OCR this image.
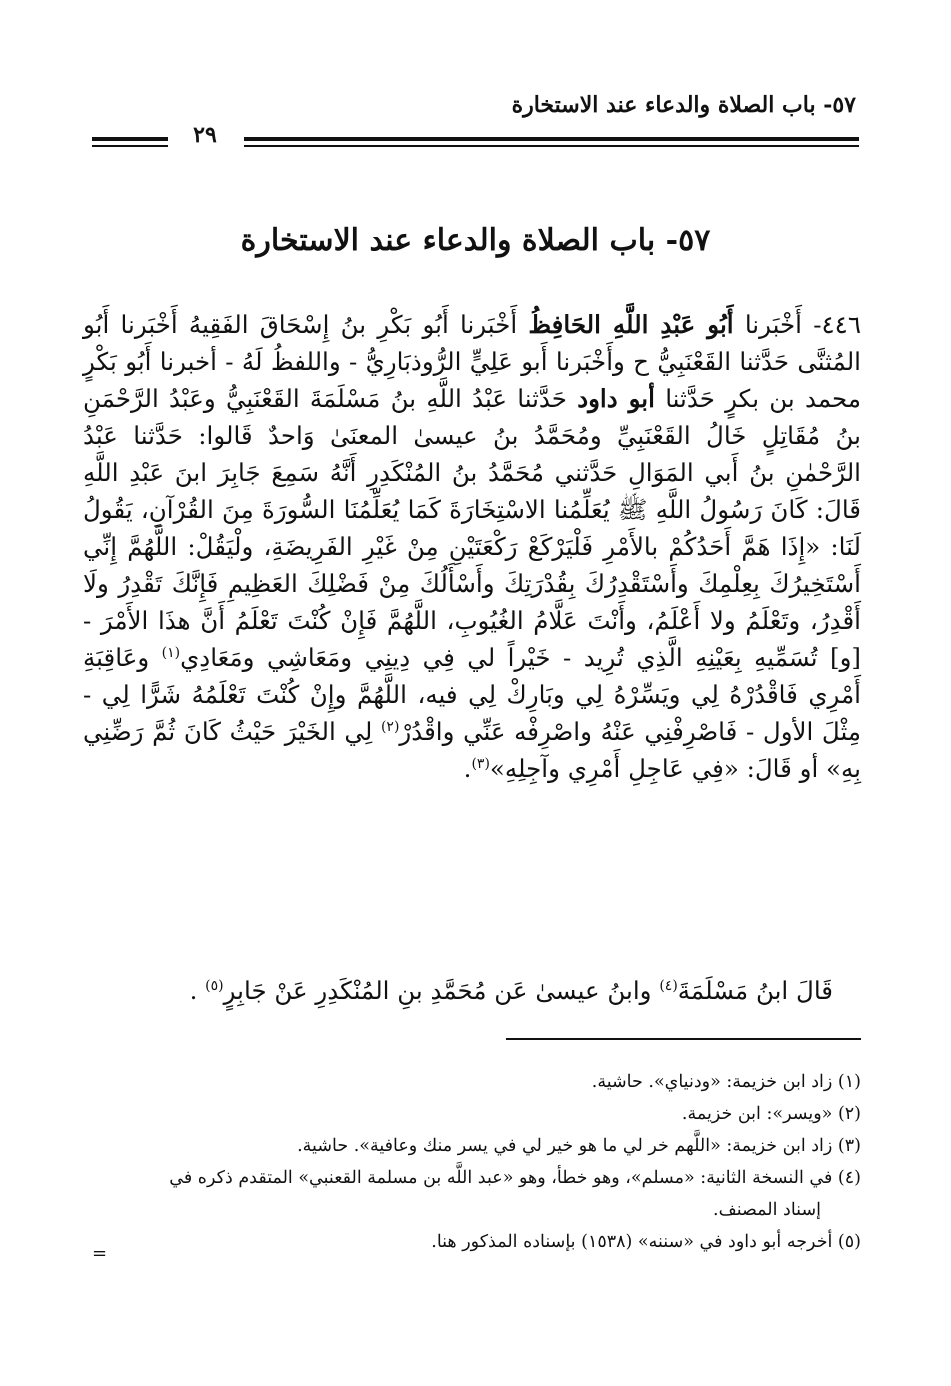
٥٧- باب الصلاة والدعاء عند الاستخارة
٢٩
٥٧- باب الصلاة والدعاء عند الاستخارة

٤٤٦- أَخْبَرنا أَبُو عَبْدِ اللَّهِ الحَافِظُ أَخْبَرنا أَبُو بَكْرِ بنُ إِسْحَاقَ الفَقِيهُ أَخْبَرنا أَبُو المُثنَّى حَدَّثنا القَعْنَبِيُّ ح وأَخْبَرنا أَبو عَلِيٍّ الرُّوذبَارِيُّ - واللفظُ لَهُ - أخبرنا أَبُو بَكْرٍ محمد بن بكرٍ حَدَّثنا أبو داود حَدَّثنا عَبْدُ اللَّهِ بنُ مَسْلَمَةَ القَعْنَبِيُّ وعَبْدُ الرَّحْمَنِ بنُ مُقَاتِلٍ خَالُ القَعْنَبِيِّ ومُحَمَّدُ بنُ عيسىٰ المعنَىٰ وَاحدٌ قَالوا: حَدَّثنا عَبْدُ الرَّحْمٰنِ بنُ أَبي المَوَالِ حَدَّثني مُحَمَّدُ بنُ المُنْكَدِرِ أَنَّهُ سَمِعَ جَابِرَ ابنَ عَبْدِ اللَّهِ قَالَ: كَانَ رَسُولُ اللَّهِ ﷺ يُعَلِّمُنا الاسْتِخَارَةَ كَمَا يُعَلِّمُنَا السُّورَةَ مِنَ القُرْآنِ، يَقُولُ لَنَا: «إِذَا هَمَّ أَحَدُكُمْ بالأَمْرِ فَلْيَرْكَعْ رَكْعَتَيْنِ مِنْ غَيْرِ الفَرِيضَةِ، ولْيَقُلْ: اللَّهُمَّ إِنِّي أَسْتَخِيرُكَ بِعِلْمِكَ وأَسْتَقْدِرُكَ بِقُدْرَتِكَ وأَسْأَلُكَ مِنْ فَضْلِكَ العَظِيمِ فَإِنَّكَ تَقْدِرُ ولَا أَقْدِرُ، وتَعْلَمُ ولا أَعْلَمُ، وأَنْتَ عَلَّامُ الغُيُوبِ، اللَّهُمَّ فَإِنْ كُنْتَ تَعْلَمُ أَنَّ هذَا الأَمْرَ - [و] تُسَمِّيهِ بِعَيْنِهِ الَّذِي تُرِيد - خَيْراً لي فِي دِينِي ومَعَاشِي ومَعَادِي$^{(١)}$ وعَاقِبَةِ أَمْرِي فَاقْدُرْهُ لِي ويَسِّرْهُ لِي وبَارِكْ لِي فيه، اللَّهُمَّ وإِنْ كُنْتَ تَعْلَمُهُ شَرًّا لِي - مِثْلَ الأول - فَاصْرِفْنِي عَنْهُ واصْرِفْه عَنِّي واقْدُرْ$^{(٢)}$ لِي الخَيْرَ حَيْثُ كَانَ ثُمَّ رَضِّنِي بِهِ» أو قَالَ: «فِي عَاجِلِ أَمْرِي وآجِلِهِ»$^{(٣)}$.

قَالَ ابنُ مَسْلَمَةَ$^{(٤)}$ وابنُ عيسىٰ عَن مُحَمَّدِ بنِ المُنْكَدِرِ عَنْ جَابِرٍ$^{(٥)}$ .

(١) زاد ابن خزيمة: «ودنياي». حاشية.

(٢) «ويسر»: ابن خزيمة.

(٣) زاد ابن خزيمة: «اللَّهم خر لي ما هو خير لي في يسر منك وعافية». حاشية.

(٤) في النسخة الثانية: «مسلم»، وهو خطأ، وهو «عبد اللَّه بن مسلمة القعنبي» المتقدم ذكره في

إسناد المصنف.

(٥) أخرجه أبو داود في «سننه» (١٥٣٨) بإسناده المذكور هنا.

=
